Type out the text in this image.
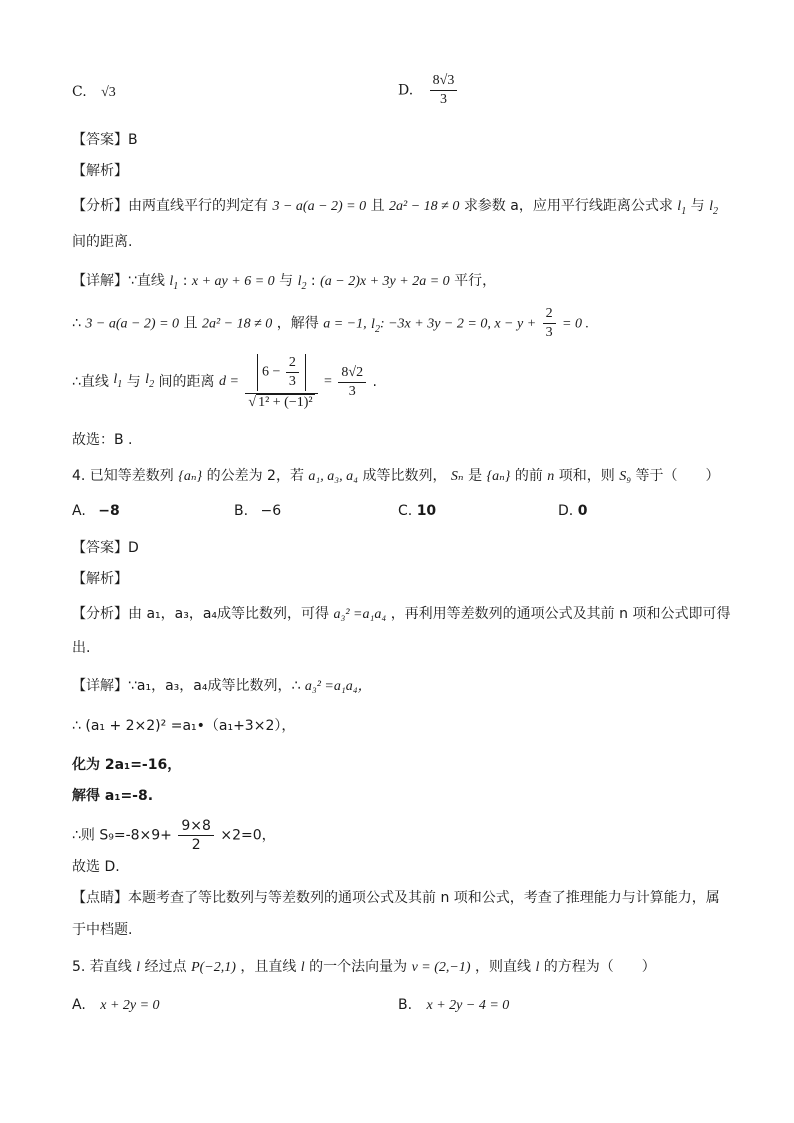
C. √3	D. $\frac{8√3}{3}$
【答案】B
【解析】
【分析】由两直线平行的判定有 3 − a(a − 2) = 0 且 2a² − 18 ≠ 0 求参数 a，应用平行线距离公式求 $l_1$ 与 $l_2$
间的距离.
【详解】∵直线 $l_1$ : x + ay + 6 = 0 与 $l_2$ : (a − 2)x + 3y + 2a = 0 平行，
∴ 3 − a(a − 2) = 0 且 2a² − 18 ≠ 0 ，解得 a = −1, $l_2$: −3x + 3y − 2 = 0, $x - y + \frac{2}{3} = 0$ .
∴直线 $l_1$ 与 $l_2$ 间的距离 $d = \frac{6 - \frac{2}{3}}{\text{√ 1² + (−1)²}} = \frac{8√2}{3}$ .
故选：B .
4. 已知等差数列 {aₙ} 的公差为 2，若 a₁, a₃, a₄ 成等比数列， Sₙ 是 {aₙ} 的前 n 项和，则 S₉ 等于（　　）
A. −8	B. −6	C. 10	D. 0
【答案】D
【解析】
【分析】由 a₁，a₃，a₄成等比数列，可得 a₃² =a₁a₄ ，再利用等差数列的通项公式及其前 n 项和公式即可得
出.
【详解】∵a₁，a₃，a₄成等比数列，∴ a₃² =a₁a₄，
∴ (a₁ + 2×2)² =a₁•（a₁+3×2），
化为 2a₁=-16，
解得 a₁=-8.
∴则 $S_9=-8\times 9+ \frac{9\times 8}{2} \times 2=0$，
故选 D.
【点睛】本题考查了等比数列与等差数列的通项公式及其前 n 项和公式，考查了推理能力与计算能力，属
于中档题.
5. 若直线 l 经过点 P(−2,1) ，且直线 l 的一个法向量为 v = (2,−1) ，则直线 l 的方程为（　　）
A. x + 2y = 0	B. x + 2y − 4 = 0
